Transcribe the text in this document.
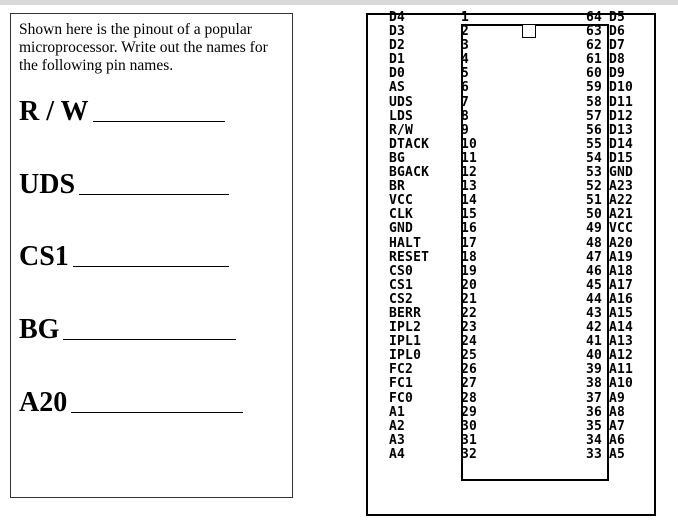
Shown here is the pinout of a popular microprocessor. Write out the names for the following pin names.
R / W
UDS
CS1
BG
A20
D4
D3
D2
D1
D0
AS
UDS
LDS
R/W
DTACK
BG
BGACK
BR
VCC
CLK
GND
HALT
RESET
CS0
CS1
CS2
BERR
IPL2
IPL1
IPL0
FC2
FC1
FC0
A1
A2
A3
A4
1
2
3
4
5
6
7
8
9
10
11
12
13
14
15
16
17
18
19
20
21
22
23
24
25
26
27
28
29
30
31
32
64
63
62
61
60
59
58
57
56
55
54
53
52
51
50
49
48
47
46
45
44
43
42
41
40
39
38
37
36
35
34
33
D5
D6
D7
D8
D9
D10
D11
D12
D13
D14
D15
GND
A23
A22
A21
VCC
A20
A19
A18
A17
A16
A15
A14
A13
A12
A11
A10
A9
A8
A7
A6
A5
